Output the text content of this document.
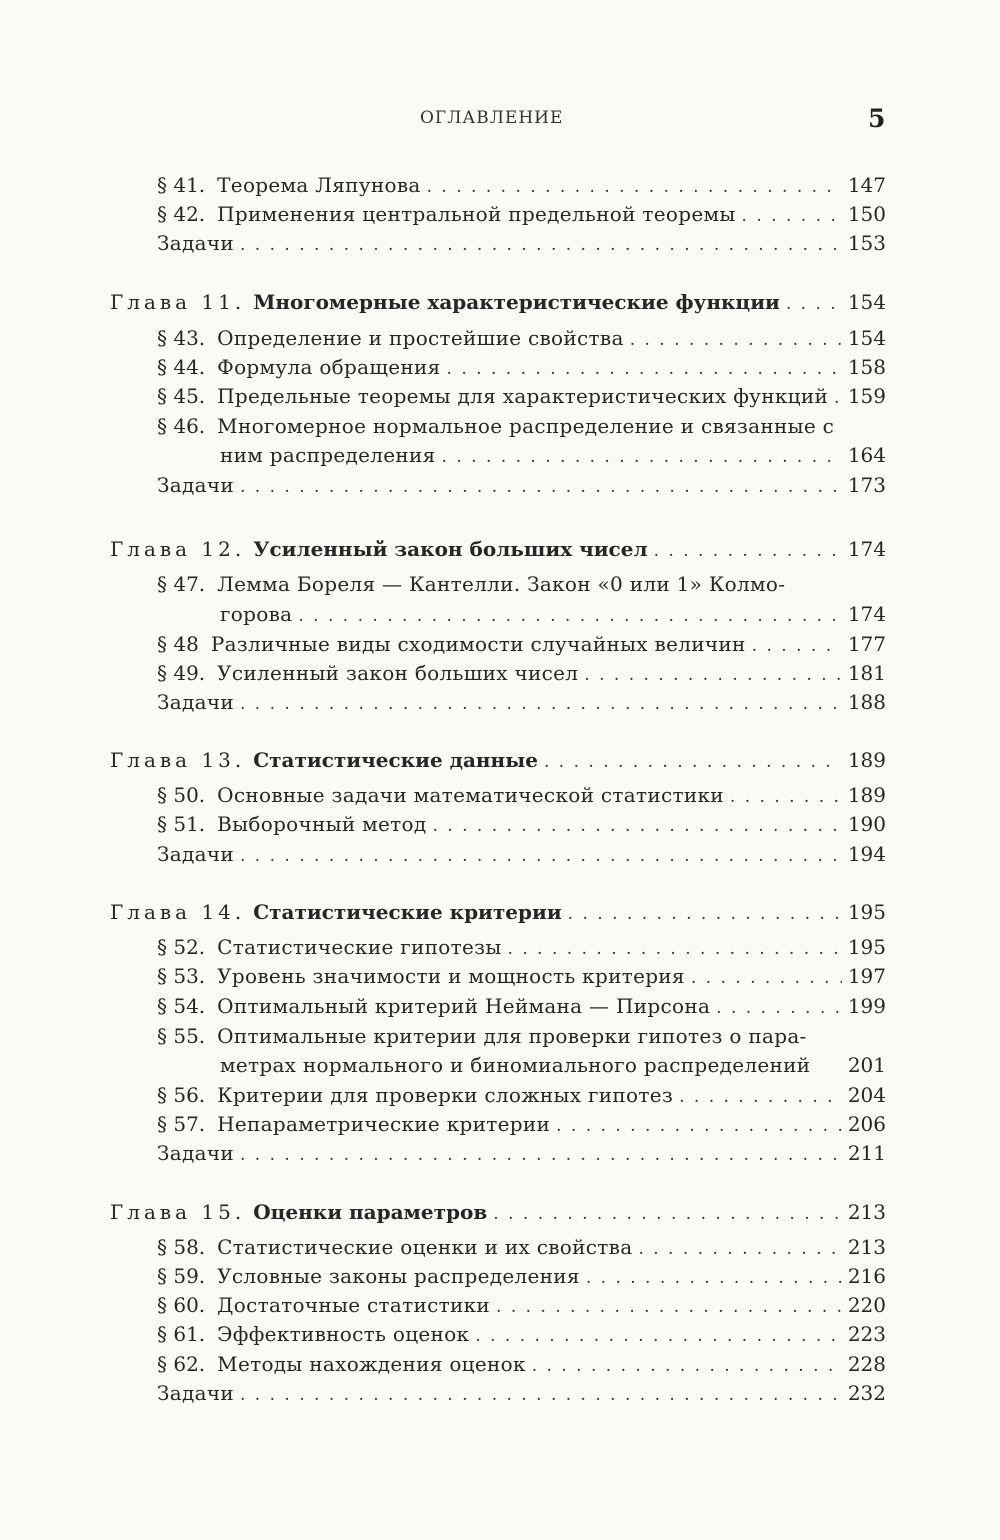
ОГЛАВЛЕНИЕ	5
§ 41. Теорема Ляпунова . . .	147
§ 42. Применения центральной предельной теоремы . . .	150
Задачи . . .	153
Глава 11. Многомерные характеристические функции . . .	154
§ 43. Определение и простейшие свойства . . .	154
§ 44. Формула обращения . . .	158
§ 45. Предельные теоремы для характеристических функций . . . 159
§ 46. Многомерное нормальное распределение и связанные с
ним распределения . . .	164
Задачи . . .	173
Глава 12. Усиленный закон больших чисел . . .	174
§ 47. Лемма Бореля — Кантелли. Закон «0 или 1» Колмо-
горова . . .	174
§ 48 Различные виды сходимости случайных величин . . .	177
§ 49. Усиленный закон больших чисел . . .	181
Задачи . . .	188
Глава 13. Статистические данные . . .	189
§ 50. Основные задачи математической статистики . . .	189
§ 51. Выборочный метод . . .	190
Задачи . . .	194
Глава 14. Статистические критерии . . .	195
§ 52. Статистические гипотезы . . .	195
§ 53. Уровень значимости и мощность критерия . . .	197
§ 54. Оптимальный критерий Неймана — Пирсона . . .	199
§ 55. Оптимальные критерии для проверки гипотез о пара-
метрах нормального и биномиального распределений 201
§ 56. Критерии для проверки сложных гипотез . . .	204
§ 57. Непараметрические критерии . . .	206
Задачи . . .	211
Глава 15. Оценки параметров . . .	213
§ 58. Статистические оценки и их свойства . . .	213
§ 59. Условные законы распределения . . .	216
§ 60. Достаточные статистики . . .	220
§ 61. Эффективность оценок . . .	223
§ 62. Методы нахождения оценок . . .	228
Задачи . . .	232
